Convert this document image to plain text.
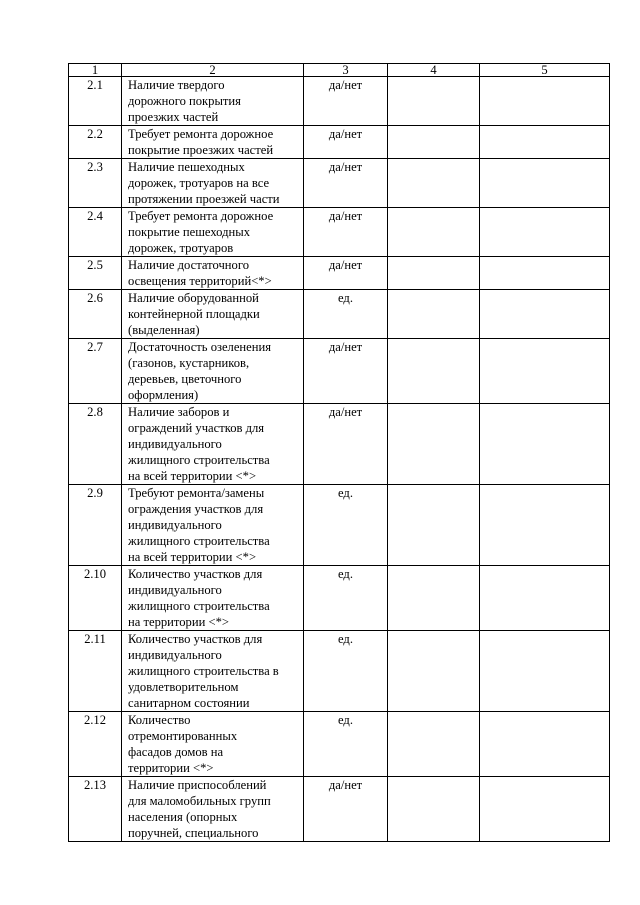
1	2	3	4	5
2.1	Наличие твердого
дорожного покрытия
проезжих частей	да/нет		
2.2	Требует ремонта дорожное
покрытие проезжих частей	да/нет		
2.3	Наличие пешеходных
дорожек, тротуаров на все
протяжении проезжей части	да/нет		
2.4	Требует ремонта дорожное
покрытие пешеходных
дорожек, тротуаров	да/нет		
2.5	Наличие достаточного
освещения территорий<*>	да/нет		
2.6	Наличие оборудованной
контейнерной площадки
(выделенная)	ед.		
2.7	Достаточность озеленения
(газонов, кустарников,
деревьев, цветочного
оформления)	да/нет		
2.8	Наличие заборов и
ограждений участков для
индивидуального
жилищного строительства
на всей территории <*>	да/нет		
2.9	Требуют ремонта/замены
ограждения участков для
индивидуального
жилищного строительства
на всей территории <*>	ед.		
2.10	Количество участков для
индивидуального
жилищного строительства
на территории <*>	ед.		
2.11	Количество участков для
индивидуального
жилищного строительства в
удовлетворительном
санитарном состоянии	ед.		
2.12	Количество
отремонтированных
фасадов домов на
территории <*>	ед.		
2.13	Наличие приспособлений
для маломобильных групп
населения (опорных
поручней, специального	да/нет		
